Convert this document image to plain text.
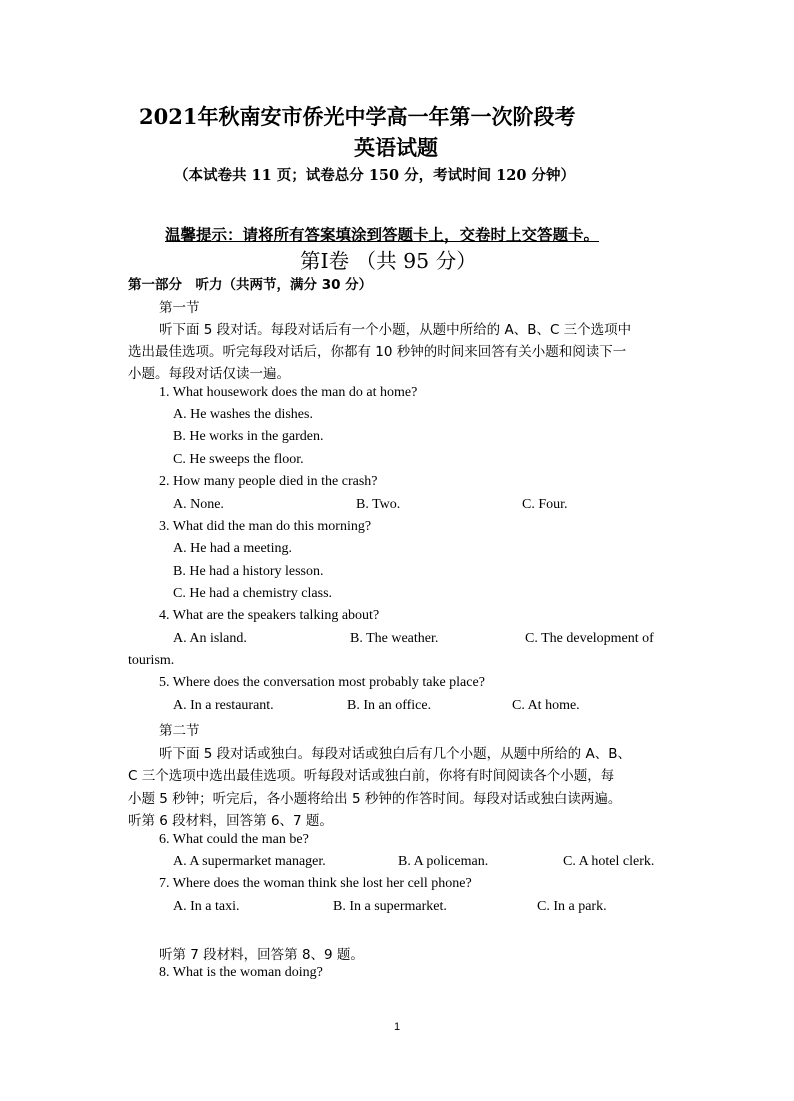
2021年秋南安市侨光中学高一年第一次阶段考
英语试题
（本试卷共 11 页；试卷总分 150 分，考试时间 120 分钟）
温馨提示：请将所有答案填涂到答题卡上，交卷时上交答题卡。
第Ⅰ卷 （共 95 分）
第一部分　听力（共两节，满分 30 分）
第一节
听下面 5 段对话。每段对话后有一个小题，从题中所给的 A、B、C 三个选项中
选出最佳选项。听完每段对话后，你都有 10 秒钟的时间来回答有关小题和阅读下一
小题。每段对话仅读一遍。
1. What housework does the man do at home?
A. He washes the dishes.
B. He works in the garden.
C. He sweeps the floor.
2. How many people died in the crash?
A. None.	B. Two.	C. Four.
3. What did the man do this morning?
A. He had a meeting.
B. He had a history lesson.
C. He had a chemistry class.
4. What are the speakers talking about?
A. An island.	B. The weather.	C. The development of
tourism.
5. Where does the conversation most probably take place?
A. In a restaurant.	B. In an office.	C. At home.
第二节
听下面 5 段对话或独白。每段对话或独白后有几个小题，从题中所给的 A、B、
C 三个选项中选出最佳选项。听每段对话或独白前，你将有时间阅读各个小题，每
小题 5 秒钟；听完后，各小题将给出 5 秒钟的作答时间。每段对话或独白读两遍。
听第 6 段材料，回答第 6、7 题。
6. What could the man be?
A. A supermarket manager.	B. A policeman.	C. A hotel clerk.
7. Where does the woman think she lost her cell phone?
A. In a taxi.	B. In a supermarket.	C. In a park.
听第 7 段材料，回答第 8、9 题。
8. What is the woman doing?
1
